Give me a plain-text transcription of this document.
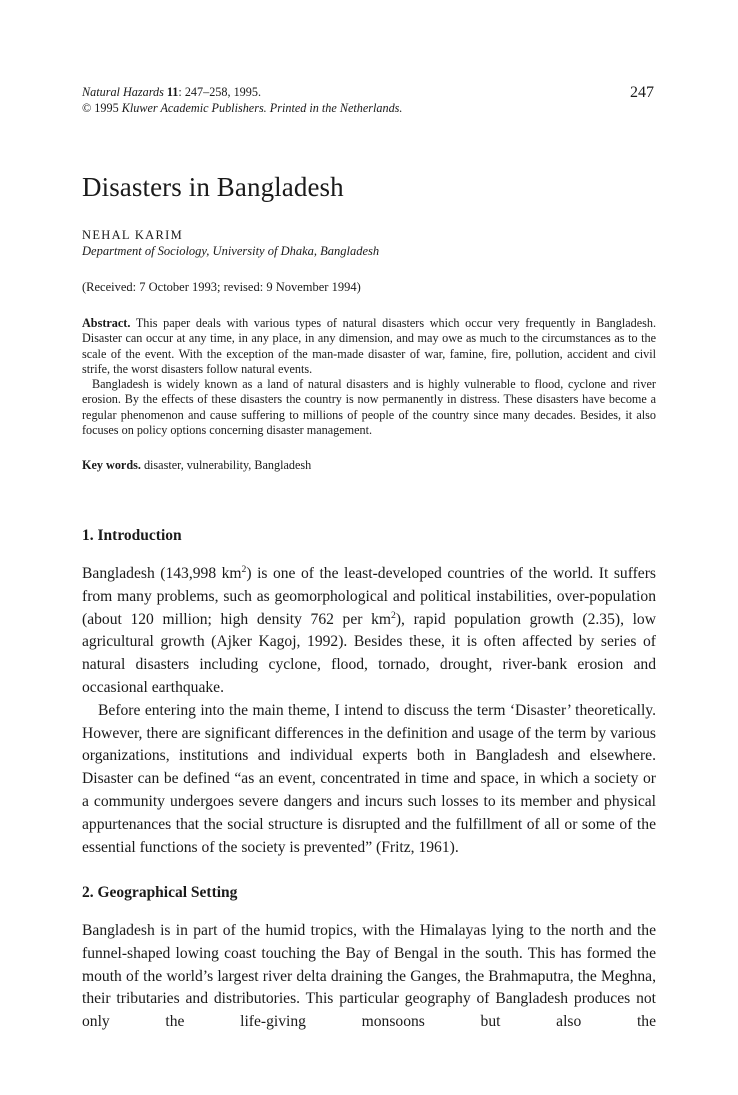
Natural Hazards 11: 247–258, 1995.
© 1995 Kluwer Academic Publishers. Printed in the Netherlands.
247
Disasters in Bangladesh
NEHAL KARIM
Department of Sociology, University of Dhaka, Bangladesh
(Received: 7 October 1993; revised: 9 November 1994)

Abstract. This paper deals with various types of natural disasters which occur very frequently in Bangladesh. Disaster can occur at any time, in any place, in any dimension, and may owe as much to the circumstances as to the scale of the event. With the exception of the man-made disaster of war, famine, fire, pollution, accident and civil strife, the worst disasters follow natural events.

Bangladesh is widely known as a land of natural disasters and is highly vulnerable to flood, cyclone and river erosion. By the effects of these disasters the country is now permanently in distress. These disasters have become a regular phenomenon and cause suffering to millions of people of the country since many decades. Besides, it also focuses on policy options concerning disaster management.

Key words. disaster, vulnerability, Bangladesh
1. Introduction

Bangladesh (143,998 $km^2$) is one of the least-developed countries of the world. It suffers from many problems, such as geomorphological and political instabilities, over-population (about 120 million; high density 762 per $km^2$), rapid population growth (2.35), low agricultural growth (Ajker Kagoj, 1992). Besides these, it is often affected by series of natural disasters including cyclone, flood, tornado, drought, river-bank erosion and occasional earthquake.

Before entering into the main theme, I intend to discuss the term ‘Disaster’ theoretically. However, there are significant differences in the definition and usage of the term by various organizations, institutions and individual experts both in Bangladesh and elsewhere. Disaster can be defined “as an event, concentrated in time and space, in which a society or a community undergoes severe dangers and incurs such losses to its member and physical appurtenances that the social structure is disrupted and the fulfillment of all or some of the essential functions of the society is prevented” (Fritz, 1961).

2. Geographical Setting

Bangladesh is in part of the humid tropics, with the Himalayas lying to the north and the funnel-shaped lowing coast touching the Bay of Bengal in the south. This has formed the mouth of the world’s largest river delta draining the Ganges, the Brahmaputra, the Meghna, their tributaries and distributories. This particular geography of Bangladesh produces not only the life-giving monsoons but also the
